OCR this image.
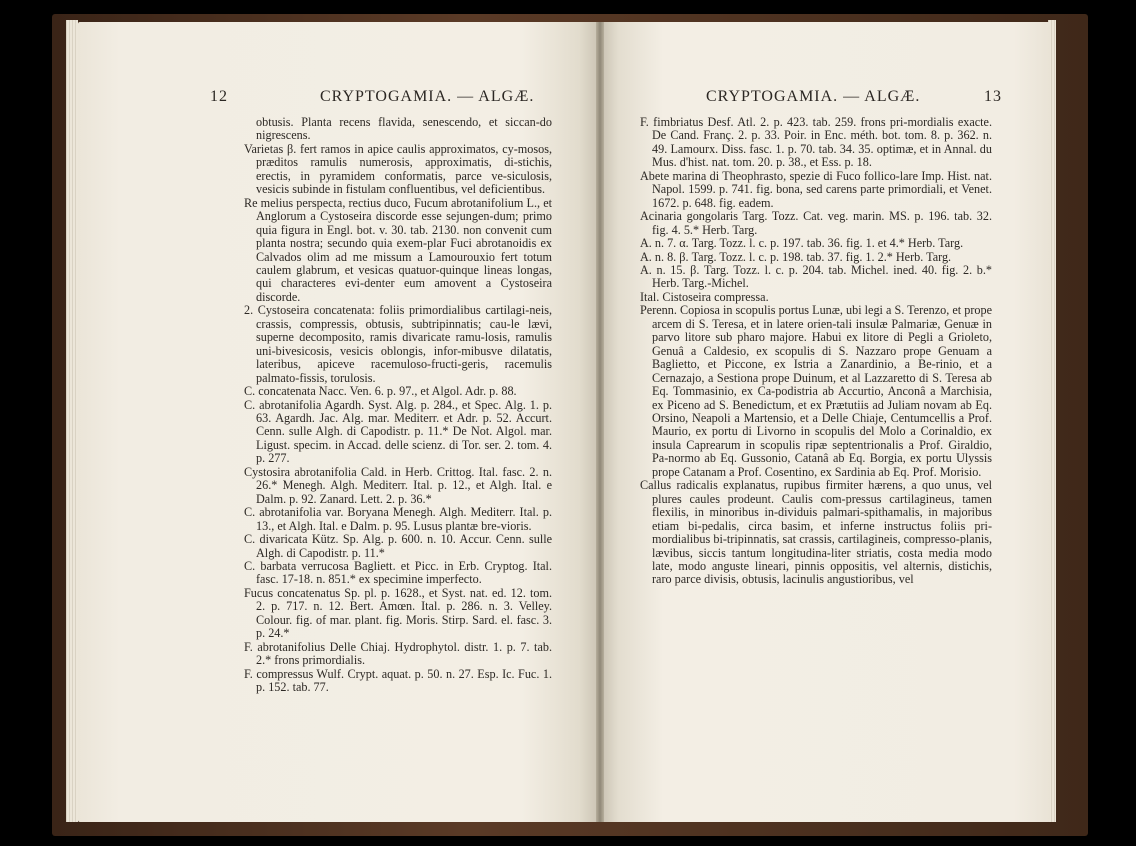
12	CRYPTOGAMIA. — ALGÆ.

obtusis. Planta recens flavida, senescendo, et siccan-do nigrescens.

Varietas β. fert ramos in apice caulis approximatos, cy-mosos, præditos ramulis numerosis, approximatis, di-stichis, erectis, in pyramidem conformatis, parce ve-siculosis, vesicis subinde in fistulam confluentibus, vel deficientibus.

Re melius perspecta, rectius duco, Fucum abrotanifolium L., et Anglorum a Cystoseira discorde esse sejungen-dum; primo quia figura in Engl. bot. v. 30. tab. 2130. non convenit cum planta nostra; secundo quia exem-plar Fuci abrotanoidis ex Calvados olim ad me missum a Lamourouxio fert totum caulem glabrum, et vesicas quatuor-quinque lineas longas, qui characteres evi-denter eum amovent a Cystoseira discorde.

2. Cystoseira concatenata: foliis primordialibus cartilagi-neis, crassis, compressis, obtusis, subtripinnatis; cau-le lævi, superne decomposito, ramis divaricate ramu-losis, ramulis uni-bivesicosis, vesicis oblongis, infor-mibusve dilatatis, lateribus, apiceve racemuloso-fructi-geris, racemulis palmato-fissis, torulosis.

C. concatenata Nacc. Ven. 6. p. 97., et Algol. Adr. p. 88.

C. abrotanifolia Agardh. Syst. Alg. p. 284., et Spec. Alg. 1. p. 63. Agardh. Jac. Alg. mar. Mediterr. et Adr. p. 52. Accurt. Cenn. sulle Algh. di Capodistr. p. 11.* De Not. Algol. mar. Ligust. specim. in Accad. delle scienz. di Tor. ser. 2. tom. 4. p. 277.

Cystosira abrotanifolia Cald. in Herb. Crittog. Ital. fasc. 2. n. 26.* Menegh. Algh. Mediterr. Ital. p. 12., et Algh. Ital. e Dalm. p. 92. Zanard. Lett. 2. p. 36.*

C. abrotanifolia var. Boryana Menegh. Algh. Mediterr. Ital. p. 13., et Algh. Ital. e Dalm. p. 95. Lusus plantæ bre-vioris.

C. divaricata Kütz. Sp. Alg. p. 600. n. 10. Accur. Cenn. sulle Algh. di Capodistr. p. 11.*

C. barbata verrucosa Bagliett. et Picc. in Erb. Cryptog. Ital. fasc. 17-18. n. 851.* ex specimine imperfecto.

Fucus concatenatus Sp. pl. p. 1628., et Syst. nat. ed. 12. tom. 2. p. 717. n. 12. Bert. Amœn. Ital. p. 286. n. 3. Velley. Colour. fig. of mar. plant. fig. Moris. Stirp. Sard. el. fasc. 3. p. 24.*

F. abrotanifolius Delle Chiaj. Hydrophytol. distr. 1. p. 7. tab. 2.* frons primordialis.

F. compressus Wulf. Crypt. aquat. p. 50. n. 27. Esp. Ic. Fuc. 1. p. 152. tab. 77.

CRYPTOGAMIA. — ALGÆ.	13

F. fimbriatus Desf. Atl. 2. p. 423. tab. 259. frons pri-mordialis exacte. De Cand. Franç. 2. p. 33. Poir. in Enc. méth. bot. tom. 8. p. 362. n. 49. Lamourx. Diss. fasc. 1. p. 70. tab. 34. 35. optimæ, et in Annal. du Mus. d'hist. nat. tom. 20. p. 38., et Ess. p. 18.

Abete marina di Theophrasto, spezie di Fuco follico-lare Imp. Hist. nat. Napol. 1599. p. 741. fig. bona, sed carens parte primordiali, et Venet. 1672. p. 648. fig. eadem.

Acinaria gongolaris Targ. Tozz. Cat. veg. marin. MS. p. 196. tab. 32. fig. 4. 5.* Herb. Targ.

A. n. 7. α. Targ. Tozz. l. c. p. 197. tab. 36. fig. 1. et 4.* Herb. Targ.

A. n. 8. β. Targ. Tozz. l. c. p. 198. tab. 37. fig. 1. 2.* Herb. Targ.

A. n. 15. β. Targ. Tozz. l. c. p. 204. tab. Michel. ined. 40. fig. 2. b.* Herb. Targ.-Michel.

Ital. Cistoseira compressa.

Perenn. Copiosa in scopulis portus Lunæ, ubi legi a S. Terenzo, et prope arcem di S. Teresa, et in latere orien-tali insulæ Palmariæ, Genuæ in parvo litore sub pharo majore. Habui ex litore di Pegli a Grioleto, Genuâ a Caldesio, ex scopulis di S. Nazzaro prope Genuam a Baglietto, et Piccone, ex Istria a Zanardinio, a Be-rinio, et a Cernazajo, a Sestiona prope Duinum, et al Lazzaretto di S. Teresa ab Eq. Tommasinio, ex Ca-podistria ab Accurtio, Anconâ a Marchisia, ex Piceno ad S. Benedictum, et ex Prætutiis ad Juliam novam ab Eq. Orsino, Neapoli a Martensio, et a Delle Chiaje, Centumcellis a Prof. Maurio, ex portu di Livorno in scopulis del Molo a Corinaldio, ex insula Caprearum in scopulis ripæ septentrionalis a Prof. Giraldio, Pa-normo ab Eq. Gussonio, Catanâ ab Eq. Borgia, ex portu Ulyssis prope Catanam a Prof. Cosentino, ex Sardinia ab Eq. Prof. Morisio.

Callus radicalis explanatus, rupibus firmiter hærens, a quo unus, vel plures caules prodeunt. Caulis com-pressus cartilagineus, tamen flexilis, in minoribus in-dividuis palmari-spithamalis, in majoribus etiam bi-pedalis, circa basim, et inferne instructus foliis pri-mordialibus bi-tripinnatis, sat crassis, cartilagineis, compresso-planis, lævibus, siccis tantum longitudina-liter striatis, costa media modo late, modo anguste lineari, pinnis oppositis, vel alternis, distichis, raro parce divisis, obtusis, lacinulis angustioribus, vel
